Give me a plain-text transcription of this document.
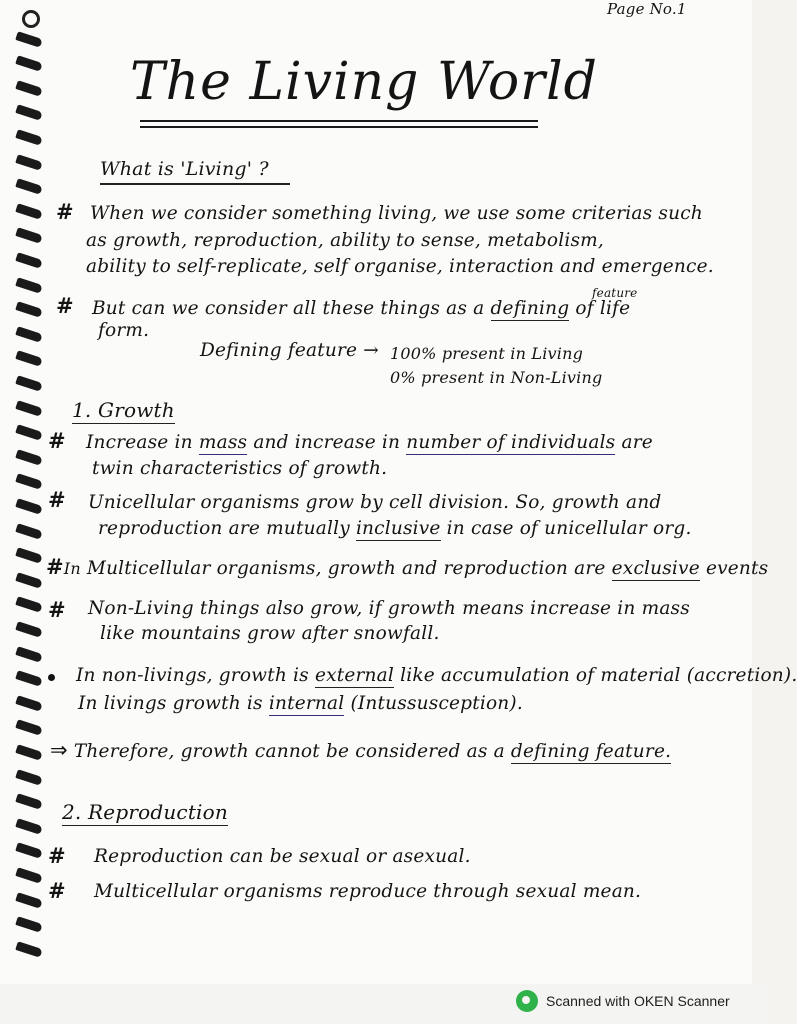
Page No.1
The Living World
What is 'Living' ?
# When we consider something living, we use some criterias such
as growth, reproduction, ability to sense, metabolism,
ability to self-replicate, self organise, interaction and emergence.
# But can we consider all these things as a defining of life
feature
form.
Defining feature → 100% present in Living
0% present in Non-Living
1. Growth
# Increase in mass and increase in number of individuals are
twin characteristics of growth.
# Unicellular organisms grow by cell division. So, growth and
reproduction are mutually inclusive in case of unicellular org.
#In Multicellular organisms, growth and reproduction are exclusive events
# Non-Living things also grow, if growth means increase in mass
like mountains grow after snowfall.
In non-livings, growth is external like accumulation of material (accretion).
In livings growth is internal (Intussusception).
⇒ Therefore, growth cannot be considered as a defining feature.
2. Reproduction
# Reproduction can be sexual or asexual.
# Multicellular organisms reproduce through sexual mean.
Scanned with OKEN Scanner
